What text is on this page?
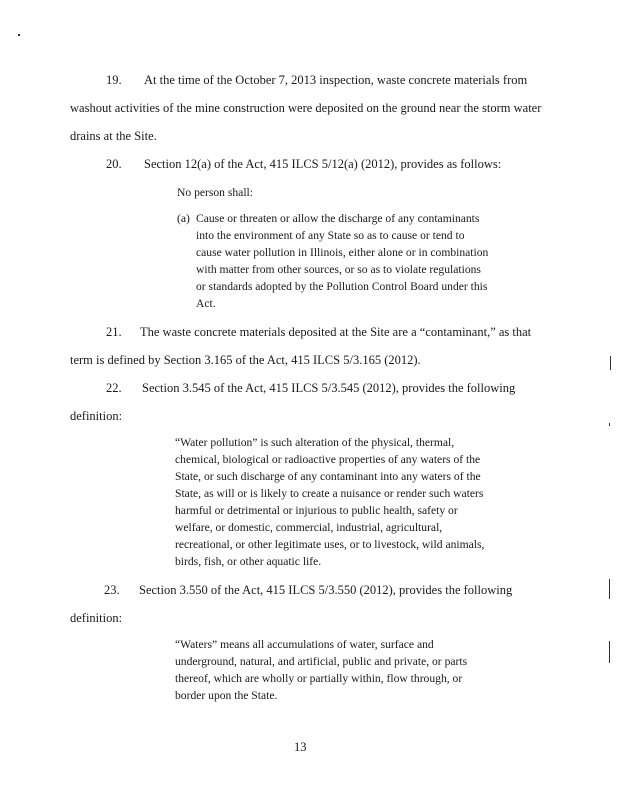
19. At the time of the October 7, 2013 inspection, waste concrete materials from
washout activities of the mine construction were deposited on the ground near the storm water
drains at the Site.
20. Section 12(a) of the Act, 415 ILCS 5/12(a) (2012), provides as follows:
No person shall:
(a) Cause or threaten or allow the discharge of any contaminants
into the environment of any State so as to cause or tend to
cause water pollution in Illinois, either alone or in combination
with matter from other sources, or so as to violate regulations
or standards adopted by the Pollution Control Board under this
Act.
21. The waste concrete materials deposited at the Site are a “contaminant,” as that
term is defined by Section 3.165 of the Act, 415 ILCS 5/3.165 (2012).
22. Section 3.545 of the Act, 415 ILCS 5/3.545 (2012), provides the following
definition:
“Water pollution” is such alteration of the physical, thermal,
chemical, biological or radioactive properties of any waters of the
State, or such discharge of any contaminant into any waters of the
State, as will or is likely to create a nuisance or render such waters
harmful or detrimental or injurious to public health, safety or
welfare, or domestic, commercial, industrial, agricultural,
recreational, or other legitimate uses, or to livestock, wild animals,
birds, fish, or other aquatic life.
23. Section 3.550 of the Act, 415 ILCS 5/3.550 (2012), provides the following
definition:
“Waters” means all accumulations of water, surface and
underground, natural, and artificial, public and private, or parts
thereof, which are wholly or partially within, flow through, or
border upon the State.
13
